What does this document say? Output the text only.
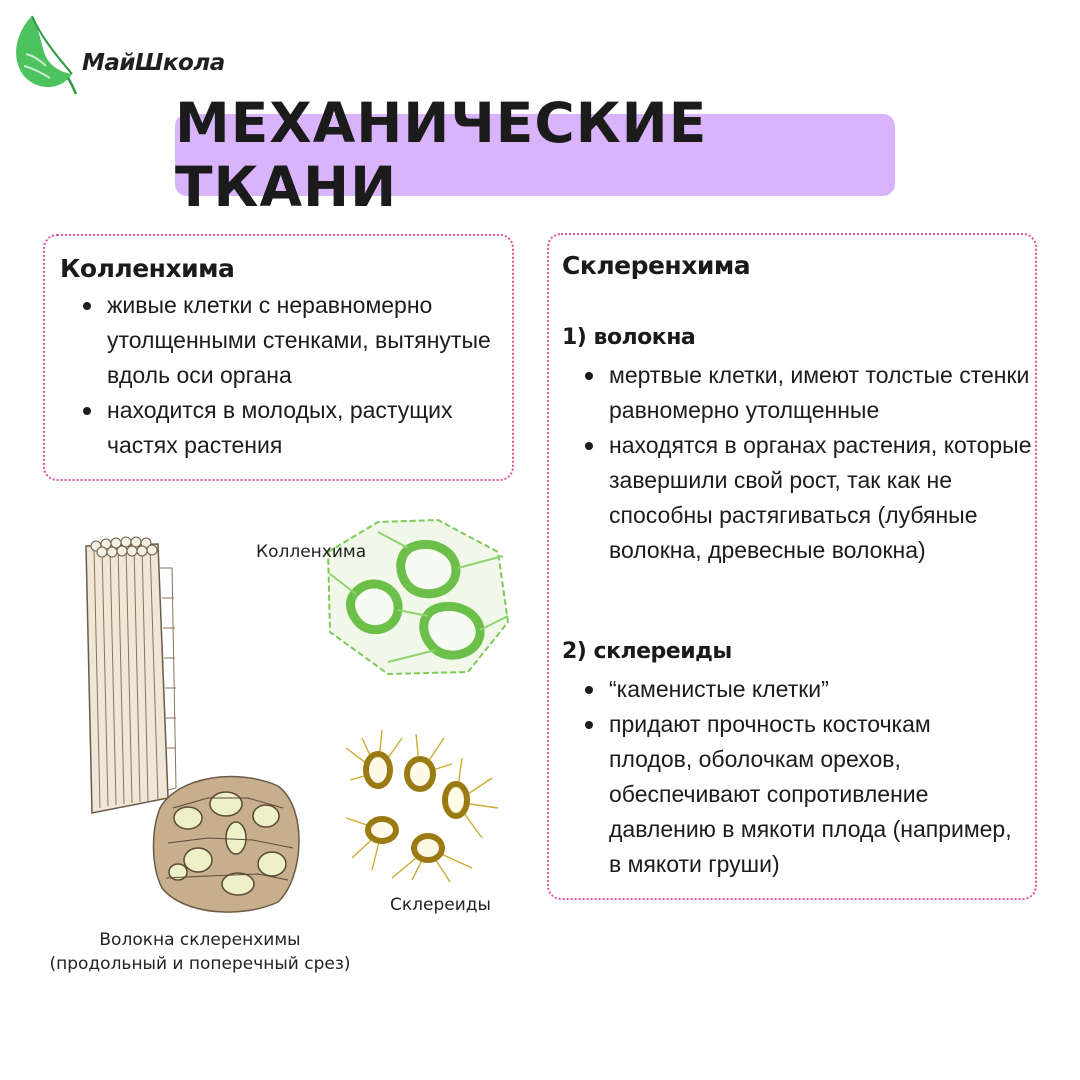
МайШкола
МЕХАНИЧЕСКИЕ ТКАНИ
Колленхима
живые клетки с неравномерно утолщенными стенками, вытянутые вдоль оси органа
находится в молодых, растущих частях растения
Склеренхима
1) волокна
мертвые клетки, имеют толстые стенки равномерно утолщенные
находятся в органах растения, которые завершили свой рост, так как не способны растягиваться (лубяные волокна, древесные волокна)
2) склереиды
“каменистые клетки”
придают прочность косточкам плодов, оболочкам орехов, обеспечивают сопротивление давлению в мякоти плода (например, в мякоти груши)
Колленхима
Склереиды
Волокна склеренхимы
(продольный и поперечный срез)
